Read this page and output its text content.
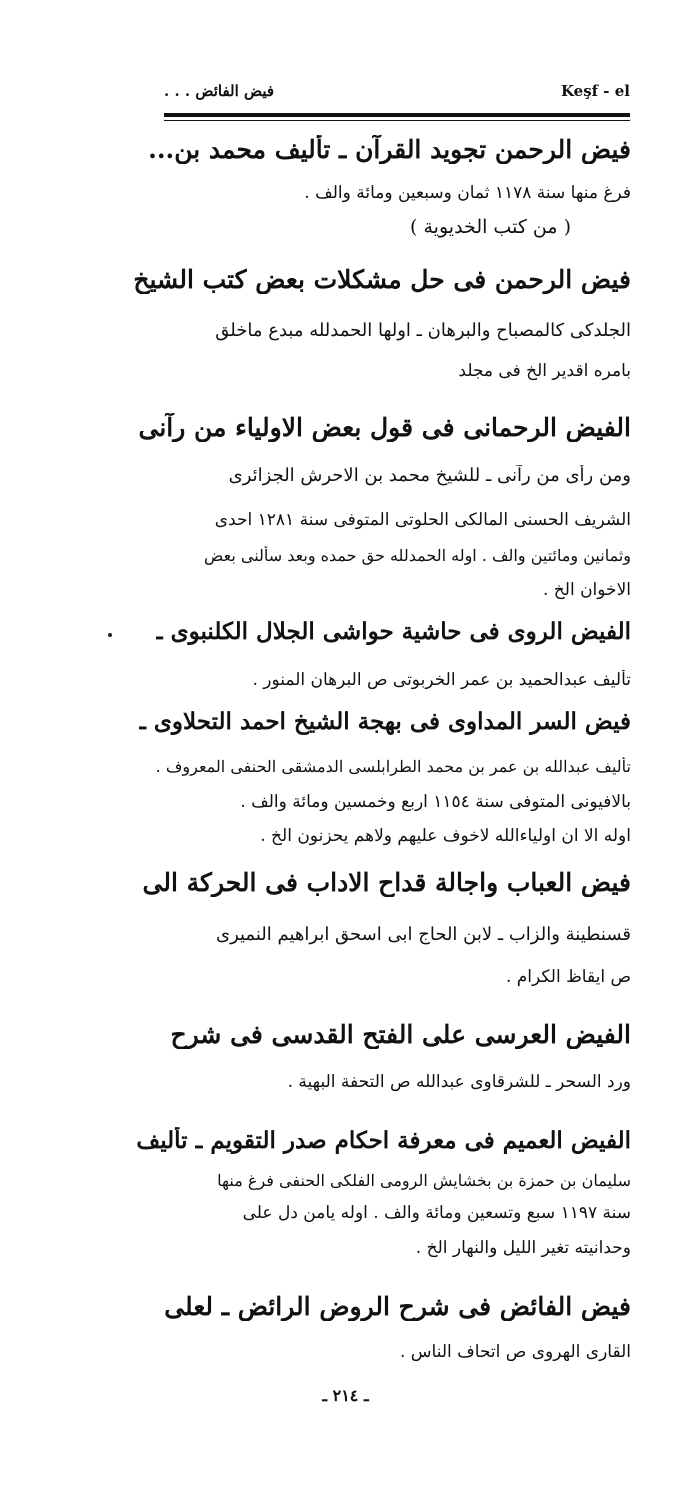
فيض الفائض . . .	Keşf - el
فيض الرحمن تجويد القرآن ـ تأليف محمد بن...
فرغ منها سنة ١١٧٨ ثمان وسبعين ومائة والف .
( من كتب الخديوية )
فيض الرحمن فى حل مشكلات بعض كتب الشيخ
الجلدكى كالمصباح والبرهان ـ اولها الحمدلله مبدع ماخلق
بامره اقدير الخ فى مجلد
الفيض الرحمانى فى قول بعض الاولياء من رآنى
ومن رأى من رآنى ـ للشيخ محمد بن الاحرش الجزائرى
الشريف الحسنى المالكى الحلوتى المتوفى سنة ١٢٨١ احدى
وثمانين ومائتين والف . اوله الحمدلله حق حمده وبعد سألنى بعض
الاخوان الخ .
الفيض الروى فى حاشية حواشى الجلال الكلنبوى ـ
تأليف عبدالحميد بن عمر الخربوتى ص البرهان المنور .
فيض السر المداوى فى بهجة الشيخ احمد التحلاوى ـ
تأليف عبدالله بن عمر بن محمد الطرابلسى الدمشقى الحنفى المعروف .
بالافيونى المتوفى سنة ١١٥٤ اربع وخمسين ومائة والف .
اوله الا ان اولياءالله لاخوف عليهم ولاهم يحزنون الخ .
فيض العباب واجالة قداح الاداب فى الحركة الى
قسنطينة والزاب ـ لابن الحاج ابى اسحق ابراهيم النميرى
ص ايقاظ الكرام .
الفيض العرسى على الفتح القدسى فى شرح
ورد السحر ـ للشرقاوى عبدالله ص التحفة البهية .
الفيض العميم فى معرفة احكام صدر التقويم ـ تأليف
سليمان بن حمزة بن بخشايش الرومى الفلكى الحنفى فرغ منها
سنة ١١٩٧ سبع وتسعين ومائة والف . اوله يامن دل على
وحدانيته تغير الليل والنهار الخ .
فيض الفائض فى شرح الروض الرائض ـ لعلى
القارى الهروى ص اتحاف الناس .
ـ ٢١٤ ـ
